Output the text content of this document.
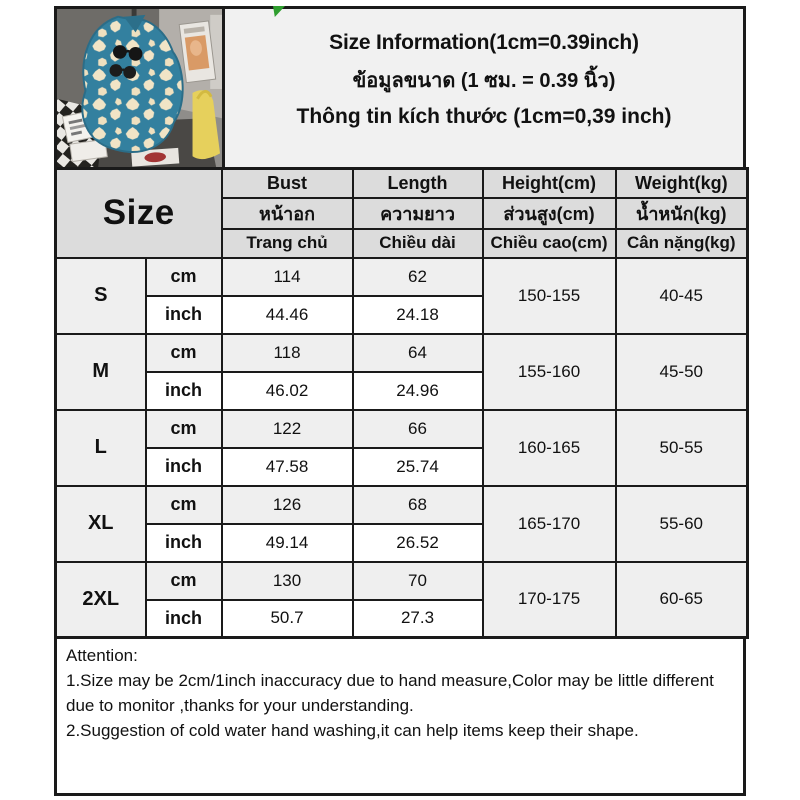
Size Information(1cm=0.39inch)
ข้อมูลขนาด (1 ซม. = 0.39 นิ้ว)
Thông tin kích thước (1cm=0,39 inch)
Size		Bust	Length	Height(cm)	Weight(kg)
		หน้าอก	ความยาว	ส่วนสูง(cm)	น้ำหนัก(kg)
		Trang chủ	Chiều dài	Chiều cao(cm)	Cân nặng(kg)
S	cm	114	62	150-155	40-45
	inch	44.46	24.18		
M	cm	118	64	155-160	45-50
	inch	46.02	24.96		
L	cm	122	66	160-165	50-55
	inch	47.58	25.74		
XL	cm	126	68	165-170	55-60
	inch	49.14	26.52		
2XL	cm	130	70	170-175	60-65
	inch	50.7	27.3		
Attention:
1.Size may be 2cm/1inch inaccuracy due to hand measure,Color may be little different due to monitor ,thanks for your understanding.
2.Suggestion of cold water hand washing,it can help items keep their shape.
